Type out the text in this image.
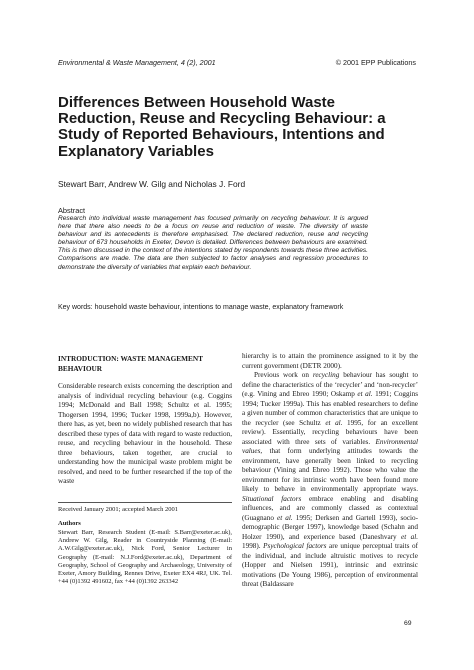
Environmental & Waste Management, 4 (2), 2001	© 2001 EPP Publications
Differences Between Household Waste Reduction, Reuse and Recycling Behaviour: a Study of Reported Behaviours, Intentions and Explanatory Variables
Stewart Barr, Andrew W. Gilg and Nicholas J. Ford
Abstract

Research into individual waste management has focused primarily on recycling behaviour. It is argued here that there also needs to be a focus on reuse and reduction of waste. The diversity of waste behaviour and its antecedents is therefore emphasised. The declared reduction, reuse and recycling behaviour of 673 households in Exeter, Devon is detailed. Differences between behaviours are examined. This is then discussed in the context of the intentions stated by respondents towards these three activities. Comparisons are made. The data are then subjected to factor analyses and regression procedures to demonstrate the diversity of variables that explain each behaviour.

Key words: household waste behaviour, intentions to manage waste, explanatory framework

INTRODUCTION: WASTE MANAGEMENT BEHAVIOUR

Considerable research exists concerning the description and analysis of individual recycling behaviour (e.g. Coggins 1994; McDonald and Ball 1998; Schultz et al. 1995; Thogersen 1994, 1996; Tucker 1998, 1999a,b). However, there has, as yet, been no widely published research that has described these types of data with regard to waste reduction, reuse, and recycling behaviour in the household. These three behaviours, taken together, are crucial to understanding how the municipal waste problem might be resolved, and need to be further researched if the top of the waste

Received January 2001; accepted March 2001
Authors
Stewart Barr, Research Student (E-mail: S.Barr@exeter.ac.uk), Andrew W. Gilg, Reader in Countryside Planning (E-mail: A.W.Gilg@exeter.ac.uk), Nick Ford, Senior Lecturer in Geography (E-mail: N.J.Ford@exeter.ac.uk), Department of Geography, School of Geography and Archaeology, University of Exeter, Amory Building, Rennes Drive, Exeter EX4 4RJ, UK. Tel. +44 (0)1392 491602, fax +44 (0)1392 263342

hierarchy is to attain the prominence assigned to it by the current government (DETR 2000).

Previous work on recycling behaviour has sought to define the characteristics of the ‘recycler’ and ‘non-recycler’ (e.g. Vining and Ebreo 1990; Oskamp et al. 1991; Coggins 1994; Tucker 1999a). This has enabled researchers to define a given number of common characteristics that are unique to the recycler (see Schultz et al. 1995, for an excellent review). Essentially, recycling behaviours have been associated with three sets of variables. Environmental values, that form underlying attitudes towards the environment, have generally been linked to recycling behaviour (Vining and Ebreo 1992). Those who value the environment for its intrinsic worth have been found more likely to behave in environmentally appropriate ways. Situational factors embrace enabling and disabling influences, and are commonly classed as contextual (Guagnano et al. 1995; Derksen and Gartell 1993), socio-demographic (Berger 1997), knowledge based (Schahn and Holzer 1990), and experience based (Daneshvary et al. 1998). Psychological factors are unique perceptual traits of the individual, and include altruistic motives to recycle (Hopper and Nielsen 1991), intrinsic and extrinsic motivations (De Young 1986), perception of environmental threat (Baldassare

69
